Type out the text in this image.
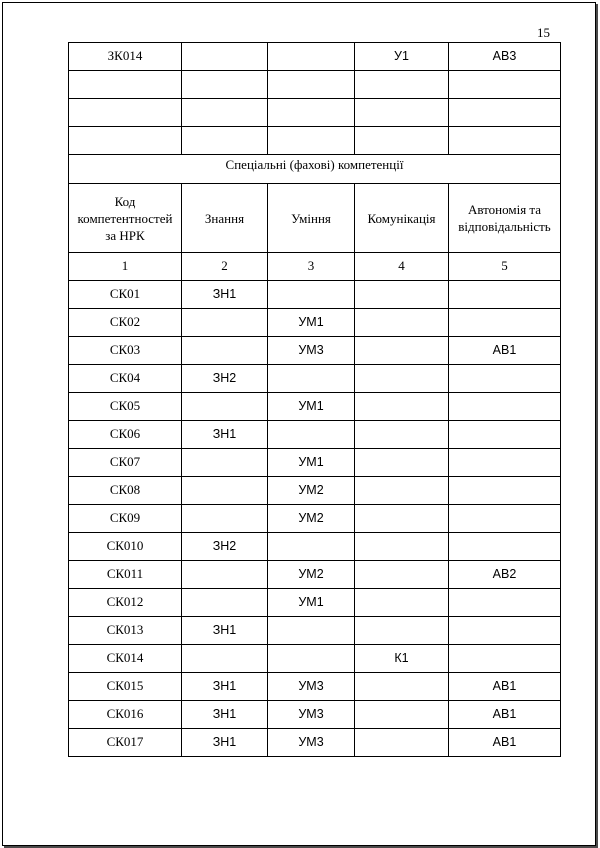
15
ЗК014			У1	АВ3

Спеціальні (фахові) компетенції				
Код компетентностей за НРК	Знання	Уміння	Комунікація	Автономія та відповідальність
1	2	3	4	5
СК01	ЗН1			
СК02		УМ1		
СК03		УМ3		АВ1
СК04	ЗН2			
СК05		УМ1		
СК06	ЗН1			
СК07		УМ1		
СК08		УМ2		
СК09		УМ2		
СК010	ЗН2			
СК011		УМ2		АВ2
СК012		УМ1		
СК013	ЗН1			
СК014			К1	
СК015	ЗН1	УМ3		АВ1
СК016	ЗН1	УМ3		АВ1
СК017	ЗН1	УМ3		АВ1
